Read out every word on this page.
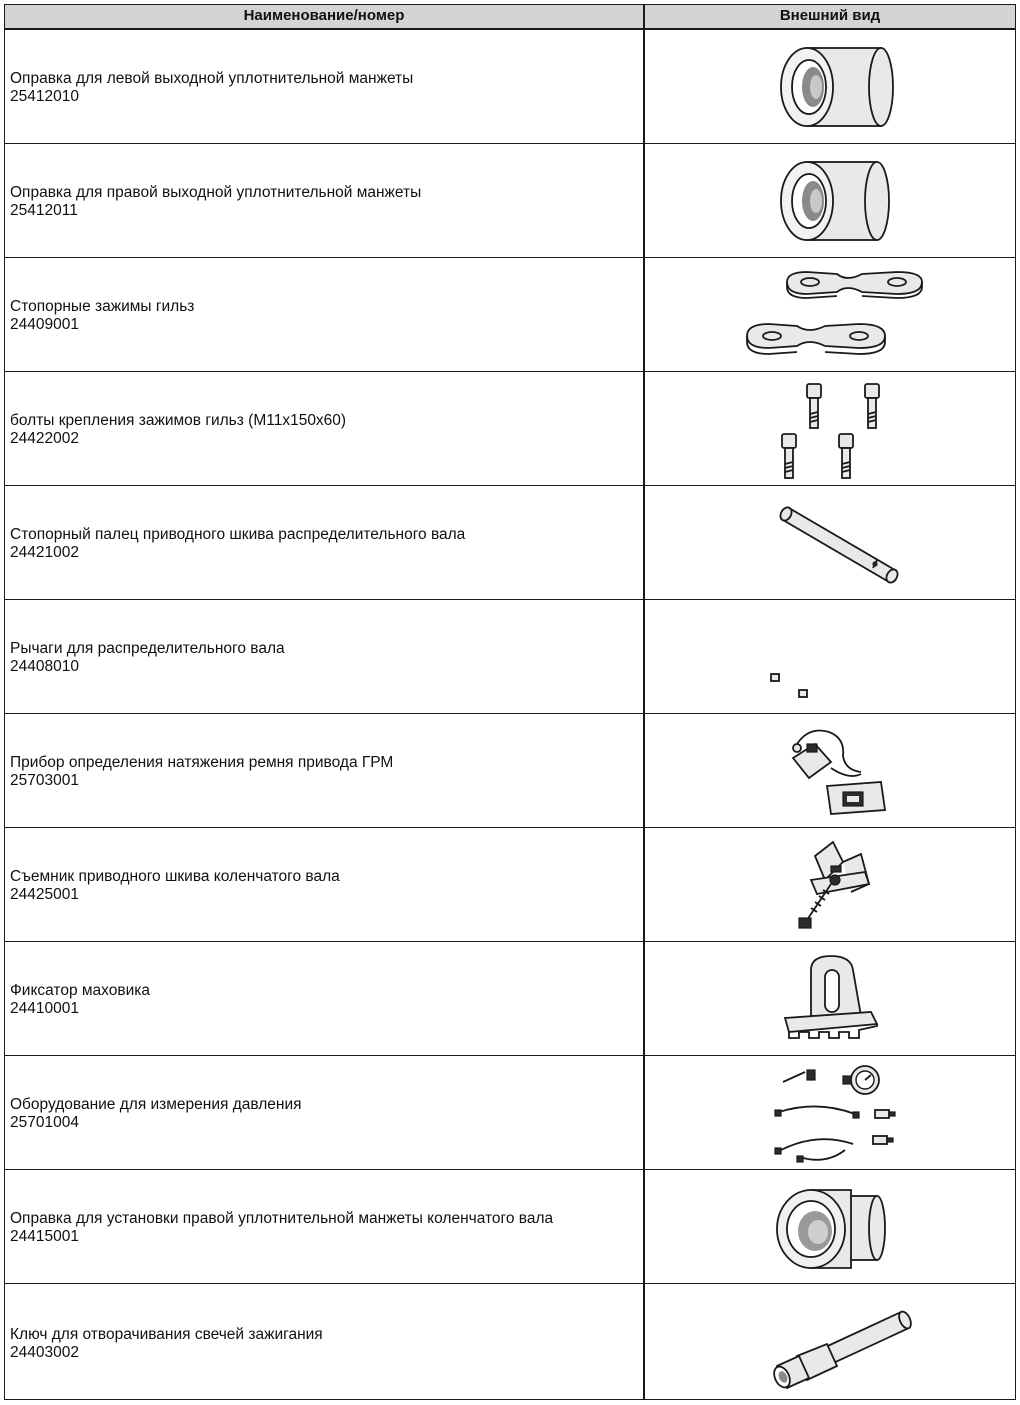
Наименование/номер	Внешний вид
Оправка для левой выходной уплотнительной манжеты
25412010
Оправка для правой выходной уплотнительной манжеты
25412011
Стопорные зажимы гильз
24409001
болты крепления зажимов гильз (M11x150x60)
24422002
Стопорный палец приводного шкива распределительного вала
24421002
Рычаги для распределительного вала
24408010
Прибор определения натяжения ремня привода ГРМ
25703001
Съемник приводного шкива коленчатого вала
24425001
Фиксатор маховика
24410001
Оборудование для измерения давления
25701004
Оправка для установки правой уплотнительной манжеты коленчатого вала
24415001
Ключ для отворачивания свечей зажигания
24403002
